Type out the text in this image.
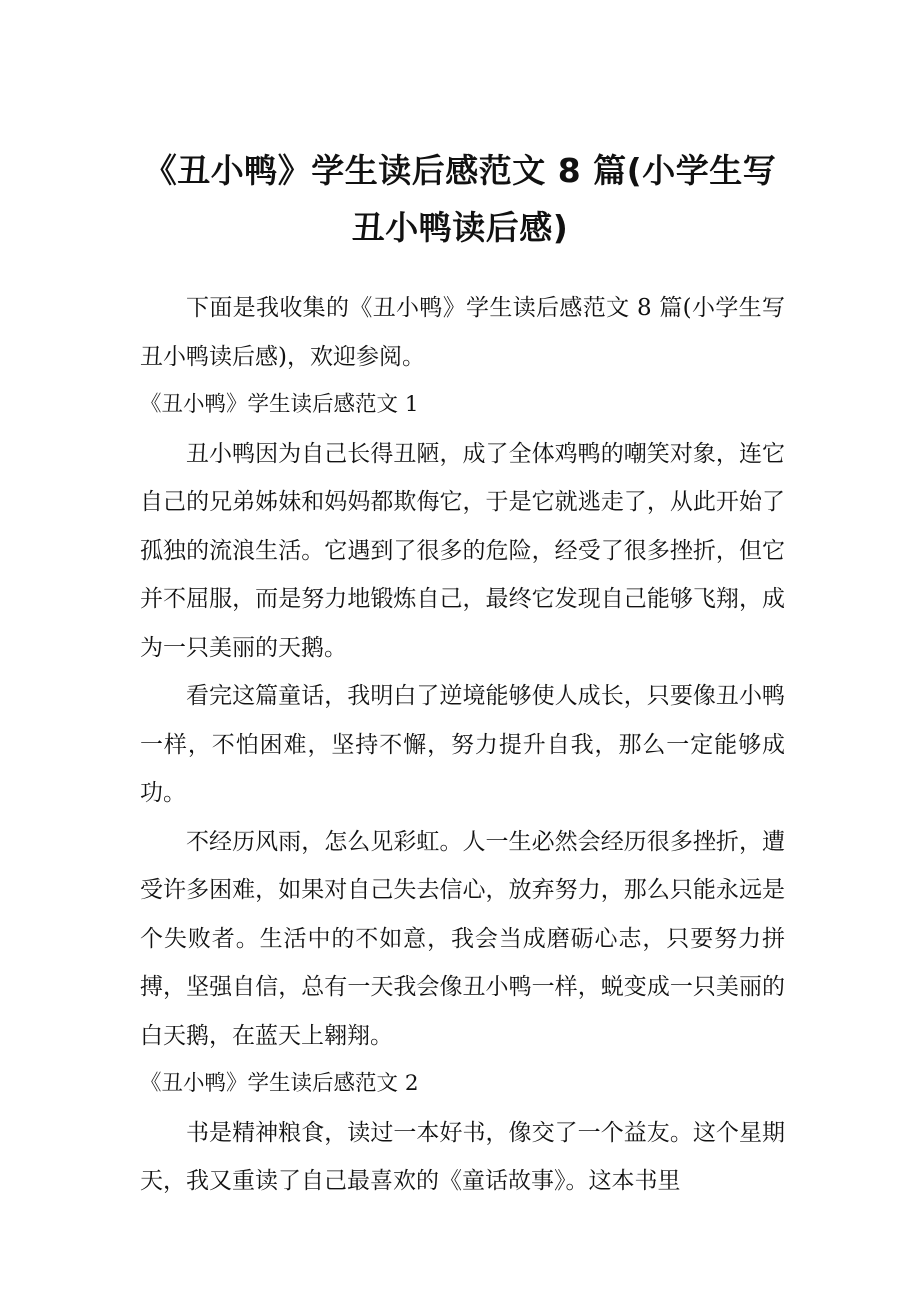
《丑小鸭》学生读后感范文 8 篇(小学生写
丑小鸭读后感)

下面是我收集的《丑小鸭》学生读后感范文 8 篇(小学生写丑小鸭读后感)，欢迎参阅。

《丑小鸭》学生读后感范文 1

丑小鸭因为自己长得丑陋，成了全体鸡鸭的嘲笑对象，连它自己的兄弟姊妹和妈妈都欺侮它，于是它就逃走了，从此开始了孤独的流浪生活。它遇到了很多的危险，经受了很多挫折，但它并不屈服，而是努力地锻炼自己，最终它发现自己能够飞翔，成为一只美丽的天鹅。

看完这篇童话，我明白了逆境能够使人成长，只要像丑小鸭一样，不怕困难，坚持不懈，努力提升自我，那么一定能够成功。

不经历风雨，怎么见彩虹。人一生必然会经历很多挫折，遭受许多困难，如果对自己失去信心，放弃努力，那么只能永远是个失败者。生活中的不如意，我会当成磨砺心志，只要努力拼搏，坚强自信，总有一天我会像丑小鸭一样，蜕变成一只美丽的白天鹅，在蓝天上翱翔。

《丑小鸭》学生读后感范文 2

书是精神粮食，读过一本好书，像交了一个益友。这个星期天，我又重读了自己最喜欢的《童话故事》。这本书里
